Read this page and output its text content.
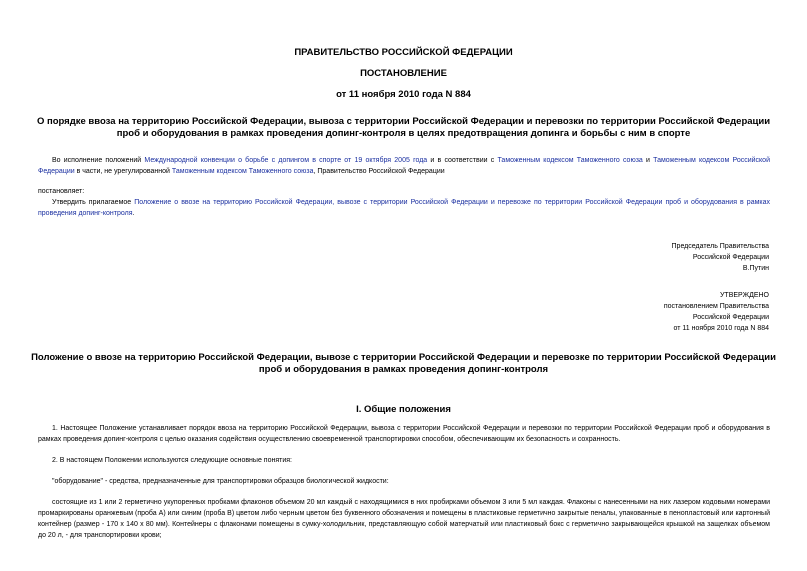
ПРАВИТЕЛЬСТВО РОССИЙСКОЙ ФЕДЕРАЦИИ
ПОСТАНОВЛЕНИЕ
от 11 ноября 2010 года N 884
О порядке ввоза на территорию Российской Федерации, вывоза с территории Российской Федерации и перевозки по территории Российской Федерации проб и оборудования в рамках проведения допинг-контроля в целях предотвращения допинга и борьбы с ним в спорте
Во исполнение положений Международной конвенции о борьбе с допингом в спорте от 19 октября 2005 года и в соответствии с Таможенным кодексом Таможенного союза и Таможенным кодексом Российской Федерации в части, не урегулированной Таможенным кодексом Таможенного союза, Правительство Российской Федерации
постановляет:
Утвердить прилагаемое Положение о ввозе на территорию Российской Федерации, вывозе с территории Российской Федерации и перевозке по территории Российской Федерации проб и оборудования в рамках проведения допинг-контроля.
Председатель Правительства
Российской Федерации
В.Путин
УТВЕРЖДЕНО
постановлением Правительства
Российской Федерации
от 11 ноября 2010 года N 884
Положение о ввозе на территорию Российской Федерации, вывозе с территории Российской Федерации и перевозке по территории Российской Федерации проб и оборудования в рамках проведения допинг-контроля
I. Общие положения
1. Настоящее Положение устанавливает порядок ввоза на территорию Российской Федерации, вывоза с территории Российской Федерации и перевозки по территории Российской Федерации проб и оборудования в рамках проведения допинг-контроля с целью оказания содействия осуществлению своевременной транспортировки способом, обеспечивающим их безопасность и сохранность.
2. В настоящем Положении используются следующие основные понятия:
"оборудование" - средства, предназначенные для транспортировки образцов биологической жидкости:
состоящие из 1 или 2 герметично укупоренных пробками флаконов объемом 20 мл каждый с находящимися в них пробирками объемом 3 или 5 мл каждая. Флаконы с нанесенными на них лазером кодовыми номерами промаркированы оранжевым (проба А) или синим (проба В) цветом либо черным цветом без буквенного обозначения и помещены в пластиковые герметично закрытые пеналы, упакованные в пенопластовый или картонный контейнер (размер - 170 х 140 х 80 мм). Контейнеры с флаконами помещены в сумку-холодильник, представляющую собой матерчатый или пластиковый бокс с герметично закрывающейся крышкой на защелках объемом до 20 л, - для транспортировки крови;
